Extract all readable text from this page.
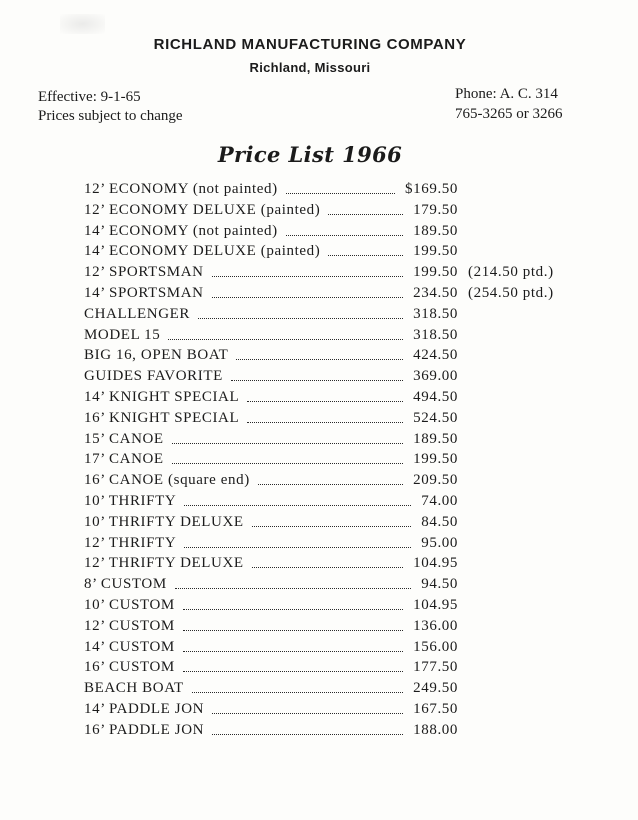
RICHLAND MANUFACTURING COMPANY
Richland, Missouri
Effective: 9-1-65
Prices subject to change
Phone: A. C. 314
765-3265 or 3266
Price List 1966
12’ ECONOMY (not painted)	$169.50
12’ ECONOMY DELUXE (painted)	179.50
14’ ECONOMY (not painted)	189.50
14’ ECONOMY DELUXE (painted)	199.50
12’ SPORTSMAN	199.50 (214.50 ptd.)
14’ SPORTSMAN	234.50 (254.50 ptd.)
CHALLENGER	318.50
MODEL 15	318.50
BIG 16, OPEN BOAT	424.50
GUIDES FAVORITE	369.00
14’ KNIGHT SPECIAL	494.50
16’ KNIGHT SPECIAL	524.50
15’ CANOE	189.50
17’ CANOE	199.50
16’ CANOE (square end)	209.50
10’ THRIFTY	74.00
10’ THRIFTY DELUXE	84.50
12’ THRIFTY	95.00
12’ THRIFTY DELUXE	104.95
8’ CUSTOM	94.50
10’ CUSTOM	104.95
12’ CUSTOM	136.00
14’ CUSTOM	156.00
16’ CUSTOM	177.50
BEACH BOAT	249.50
14’ PADDLE JON	167.50
16’ PADDLE JON	188.00
